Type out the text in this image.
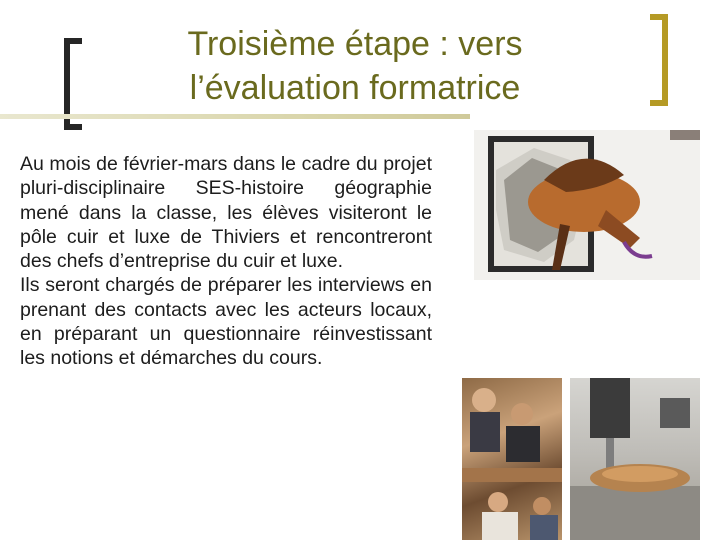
Troisième étape : vers
l’évaluation formatrice

Au mois de février-mars dans le cadre du projet pluri-disciplinaire SES-histoire géographie mené dans la classe, les élèves visiteront le pôle cuir et luxe de Thiviers et rencontreront des chefs d’entreprise du cuir et luxe.

Ils seront chargés de préparer les interviews en prenant des contacts avec les acteurs locaux, en préparant un questionnaire réinvestissant les notions et démarches du cours.
